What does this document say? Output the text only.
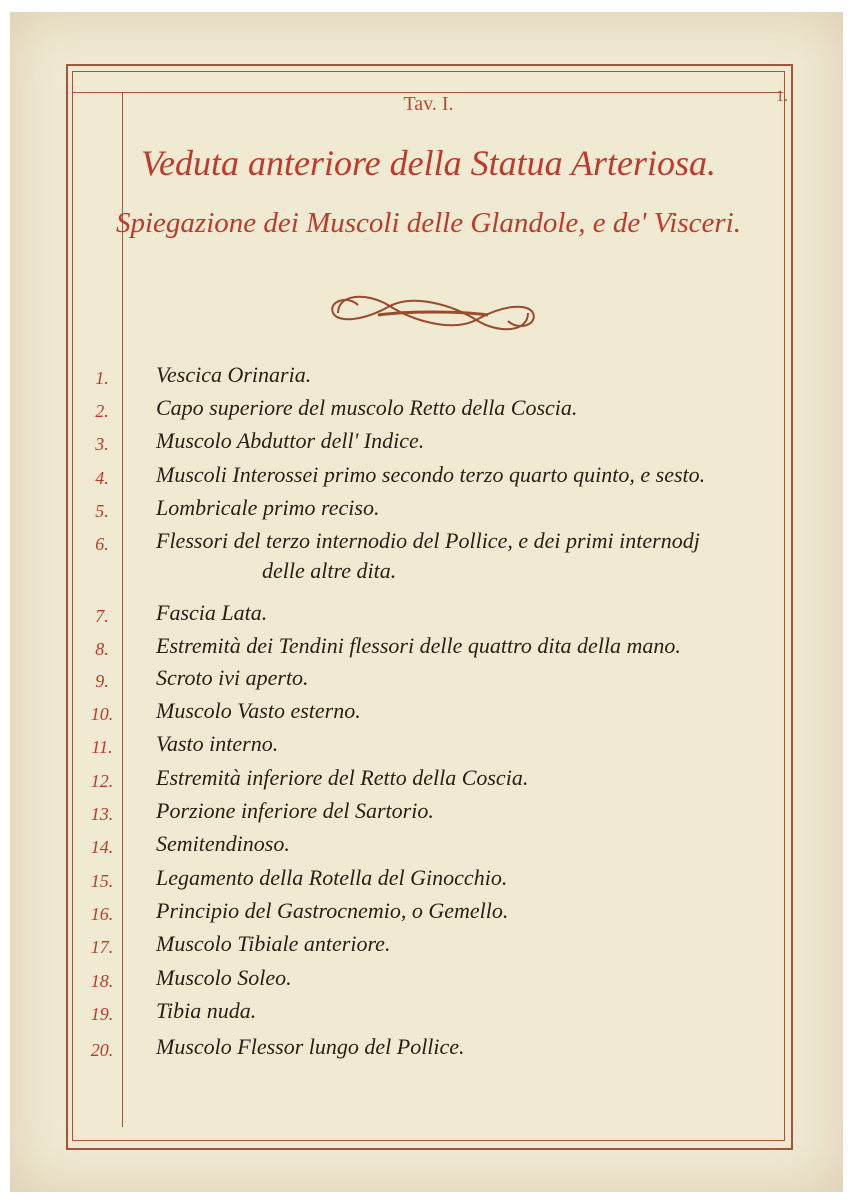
Tav. I.	1.
Veduta anteriore della Statua Arteriosa.
Spiegazione dei Muscoli delle Glandole, e de' Visceri.
1.	Vescica Orinaria.
2.	Capo superiore del muscolo Retto della Coscia.
3.	Muscolo Abduttor dell' Indice.
4.	Muscoli Interossei primo secondo terzo quarto quinto, e sesto.
5.	Lombricale primo reciso.
6.	Flessori del terzo internodio del Pollice, e dei primi internodj
delle altre dita.
7.	Fascia Lata.
8.	Estremità dei Tendini flessori delle quattro dita della mano.
9.	Scroto ivi aperto.
10.	Muscolo Vasto esterno.
11.	Vasto interno.
12.	Estremità inferiore del Retto della Coscia.
13.	Porzione inferiore del Sartorio.
14.	Semitendinoso.
15.	Legamento della Rotella del Ginocchio.
16.	Principio del Gastrocnemio, o Gemello.
17.	Muscolo Tibiale anteriore.
18.	Muscolo Soleo.
19.	Tibia nuda.
20.	Muscolo Flessor lungo del Pollice.
